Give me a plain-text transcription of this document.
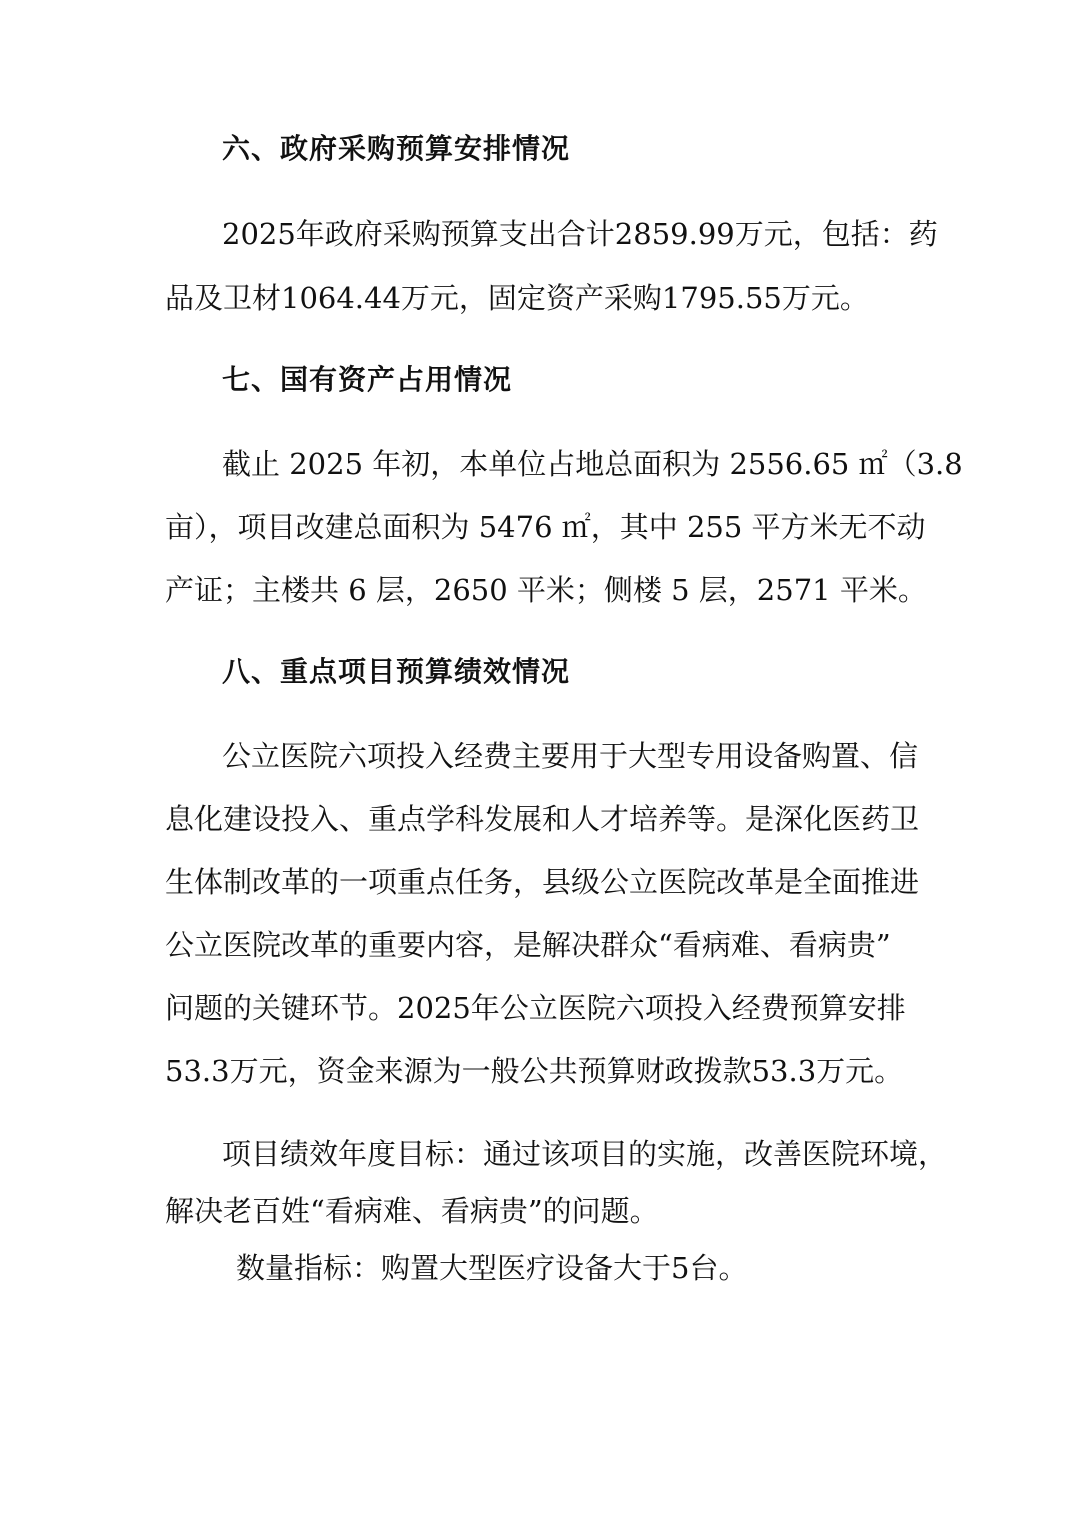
六、政府采购预算安排情况
2025年政府采购预算支出合计2859.99万元，包括：药
品及卫材1064.44万元，固定资产采购1795.55万元。
七、国有资产占用情况
截止 2025 年初，本单位占地总面积为 2556.65 ㎡（3.8
亩），项目改建总面积为 5476 ㎡，其中 255 平方米无不动
产证；主楼共 6 层，2650 平米；侧楼 5 层，2571 平米。
八、重点项目预算绩效情况
公立医院六项投入经费主要用于大型专用设备购置、信
息化建设投入、重点学科发展和人才培养等。是深化医药卫
生体制改革的一项重点任务，县级公立医院改革是全面推进
公立医院改革的重要内容，是解决群众“看病难、看病贵”
问题的关键环节。2025年公立医院六项投入经费预算安排
53.3万元，资金来源为一般公共预算财政拨款53.3万元。
项目绩效年度目标：通过该项目的实施，改善医院环境，
解决老百姓“看病难、看病贵”的问题。
数量指标：购置大型医疗设备大于5台。
